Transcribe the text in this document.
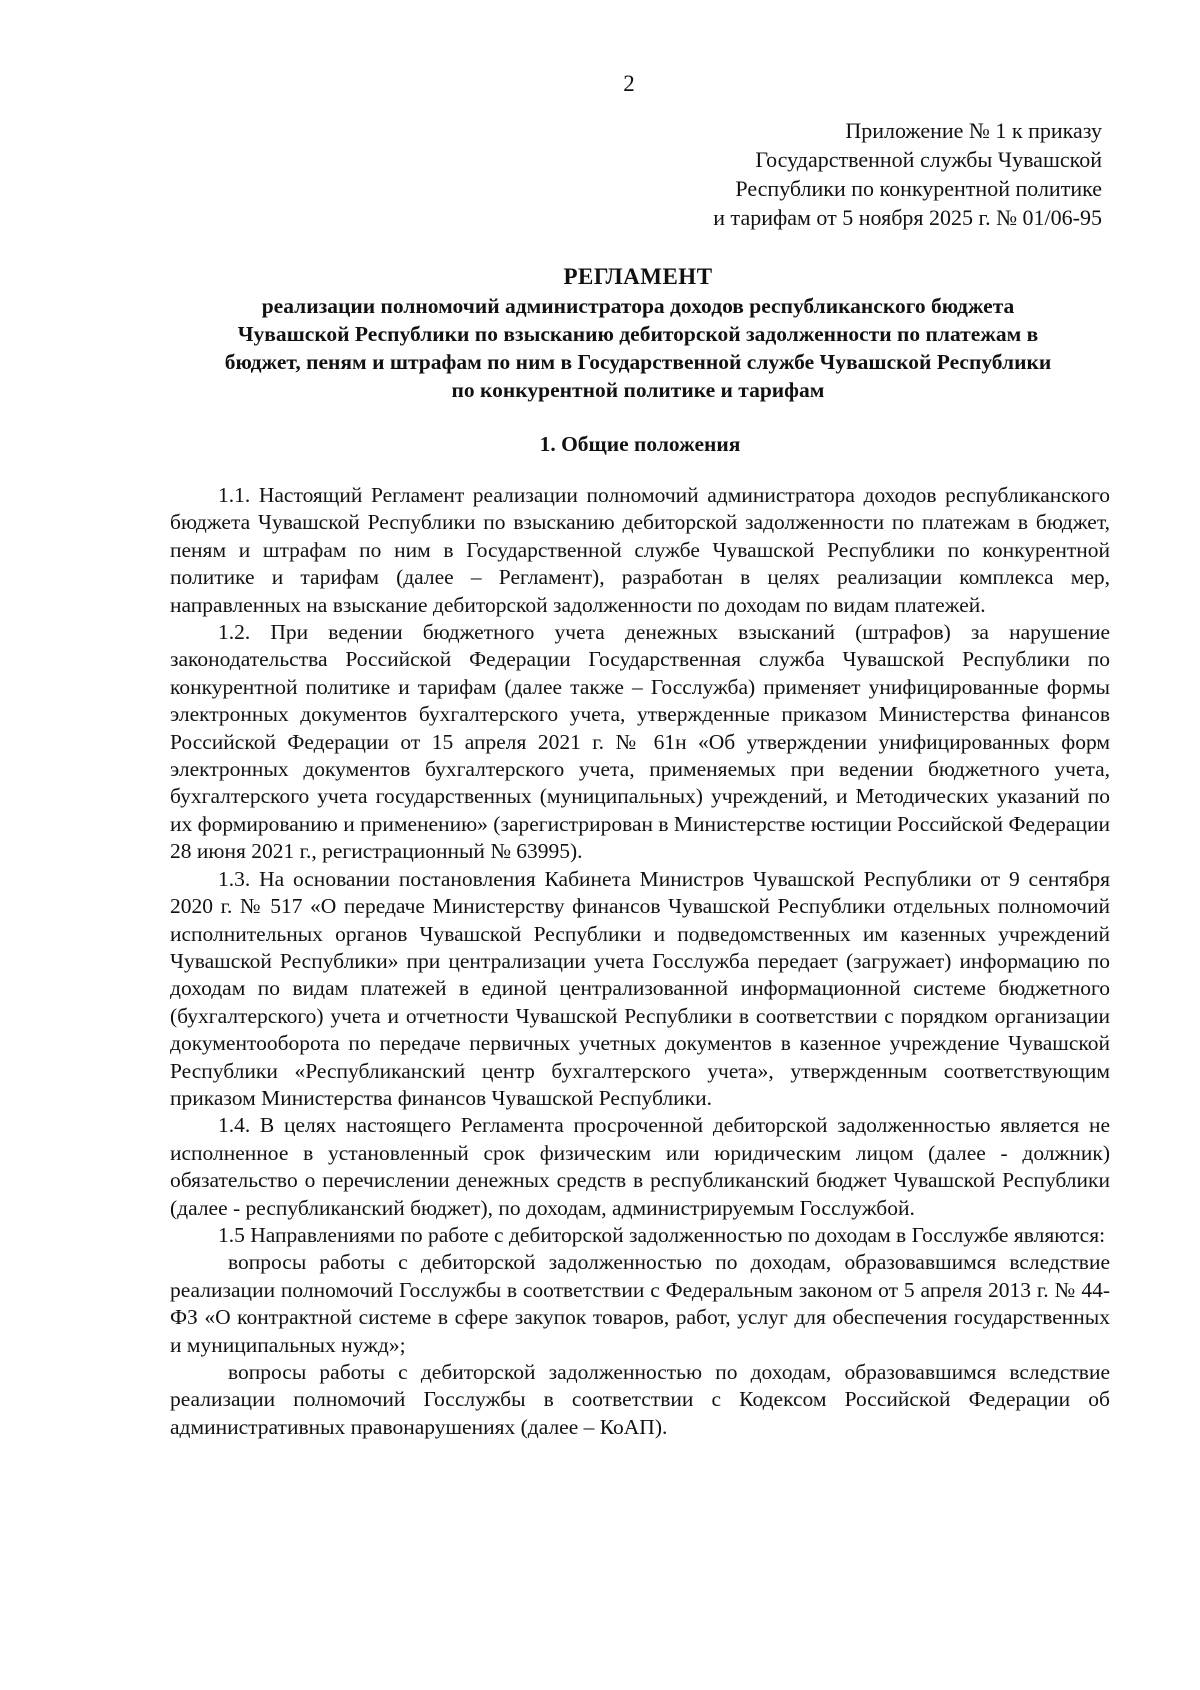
2
Приложение № 1 к приказу
Государственной службы Чувашской
Республики по конкурентной политике
и тарифам от 5 ноября 2025 г. № 01/06-95
РЕГЛАМЕНТ
реализации полномочий администратора доходов республиканского бюджета
Чувашской Республики по взысканию дебиторской задолженности по платежам в
бюджет, пеням и штрафам по ним в Государственной службе Чувашской Республики
по конкурентной политике и тарифам
1. Общие положения

1.1. Настоящий Регламент реализации полномочий администратора доходов республиканского бюджета Чувашской Республики по взысканию дебиторской задолженности по платежам в бюджет, пеням и штрафам по ним в Государственной службе Чувашской Республики по конкурентной политике и тарифам (далее – Регламент), разработан в целях реализации комплекса мер, направленных на взыскание дебиторской задолженности по доходам по видам платежей.

1.2. При ведении бюджетного учета денежных взысканий (штрафов) за нарушение законодательства Российской Федерации Государственная служба Чувашской Республики по конкурентной политике и тарифам (далее также – Госслужба) применяет унифицированные формы электронных документов бухгалтерского учета, утвержденные приказом Министерства финансов Российской Федерации от 15 апреля 2021 г. № 61н «Об утверждении унифицированных форм электронных документов бухгалтерского учета, применяемых при ведении бюджетного учета, бухгалтерского учета государственных (муниципальных) учреждений, и Методических указаний по их формированию и применению» (зарегистрирован в Министерстве юстиции Российской Федерации 28 июня 2021 г., регистрационный № 63995).

1.3. На основании постановления Кабинета Министров Чувашской Республики от 9 сентября 2020 г. № 517 «О передаче Министерству финансов Чувашской Республики отдельных полномочий исполнительных органов Чувашской Республики и подведомственных им казенных учреждений Чувашской Республики» при централизации учета Госслужба передает (загружает) информацию по доходам по видам платежей в единой централизованной информационной системе бюджетного (бухгалтерского) учета и отчетности Чувашской Республики в соответствии с порядком организации документооборота по передаче первичных учетных документов в казенное учреждение Чувашской Республики «Республиканский центр бухгалтерского учета», утвержденным соответствующим приказом Министерства финансов Чувашской Республики.

1.4. В целях настоящего Регламента просроченной дебиторской задолженностью является не исполненное в установленный срок физическим или юридическим лицом (далее - должник) обязательство о перечислении денежных средств в республиканский бюджет Чувашской Республики (далее - республиканский бюджет), по доходам, администрируемым Госслужбой.

1.5 Направлениями по работе с дебиторской задолженностью по доходам в Госслужбе являются:

вопросы работы с дебиторской задолженностью по доходам, образовавшимся вследствие реализации полномочий Госслужбы в соответствии с Федеральным законом от 5 апреля 2013 г. № 44-ФЗ «О контрактной системе в сфере закупок товаров, работ, услуг для обеспечения государственных и муниципальных нужд»;

вопросы работы с дебиторской задолженностью по доходам, образовавшимся вследствие реализации полномочий Госслужбы в соответствии с Кодексом Российской Федерации об административных правонарушениях (далее – КоАП).
